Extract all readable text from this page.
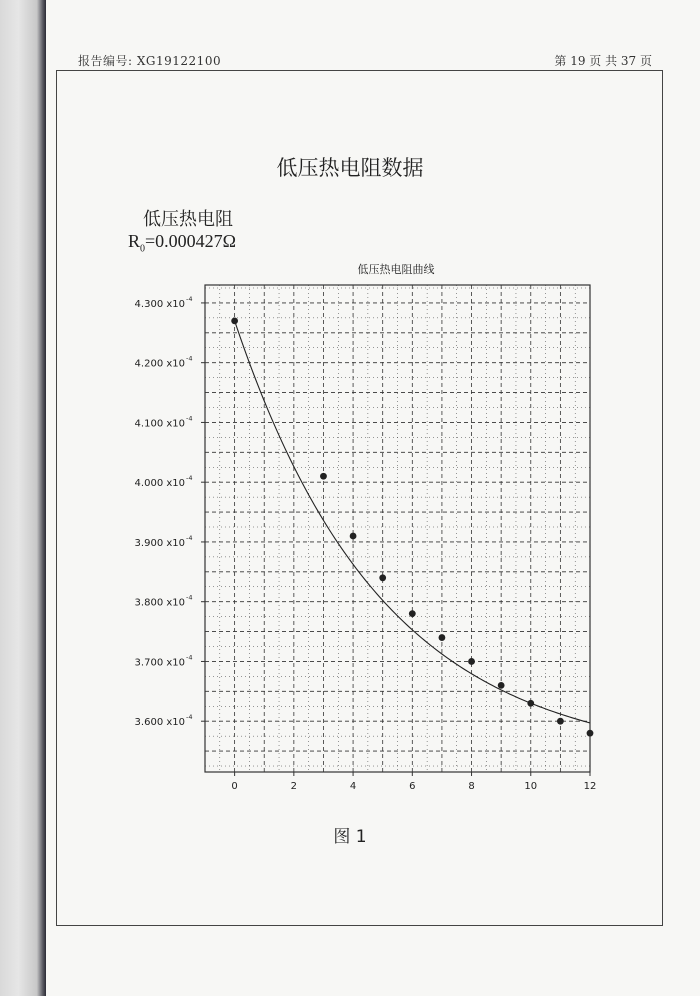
报告编号: XG19122100	第 19 页 共 37 页
低压热电阻数据
低压热电阻
$R_0=0.000427\Omega$
低压热电阻曲线
0	2	4	6	8	10	12
3.600 x10 -4
3.700 x10 -4
3.800 x10 -4
3.900 x10 -4
4.000 x10 -4
4.100 x10 -4
4.200 x10 -4
4.300 x10 -4
图 1
